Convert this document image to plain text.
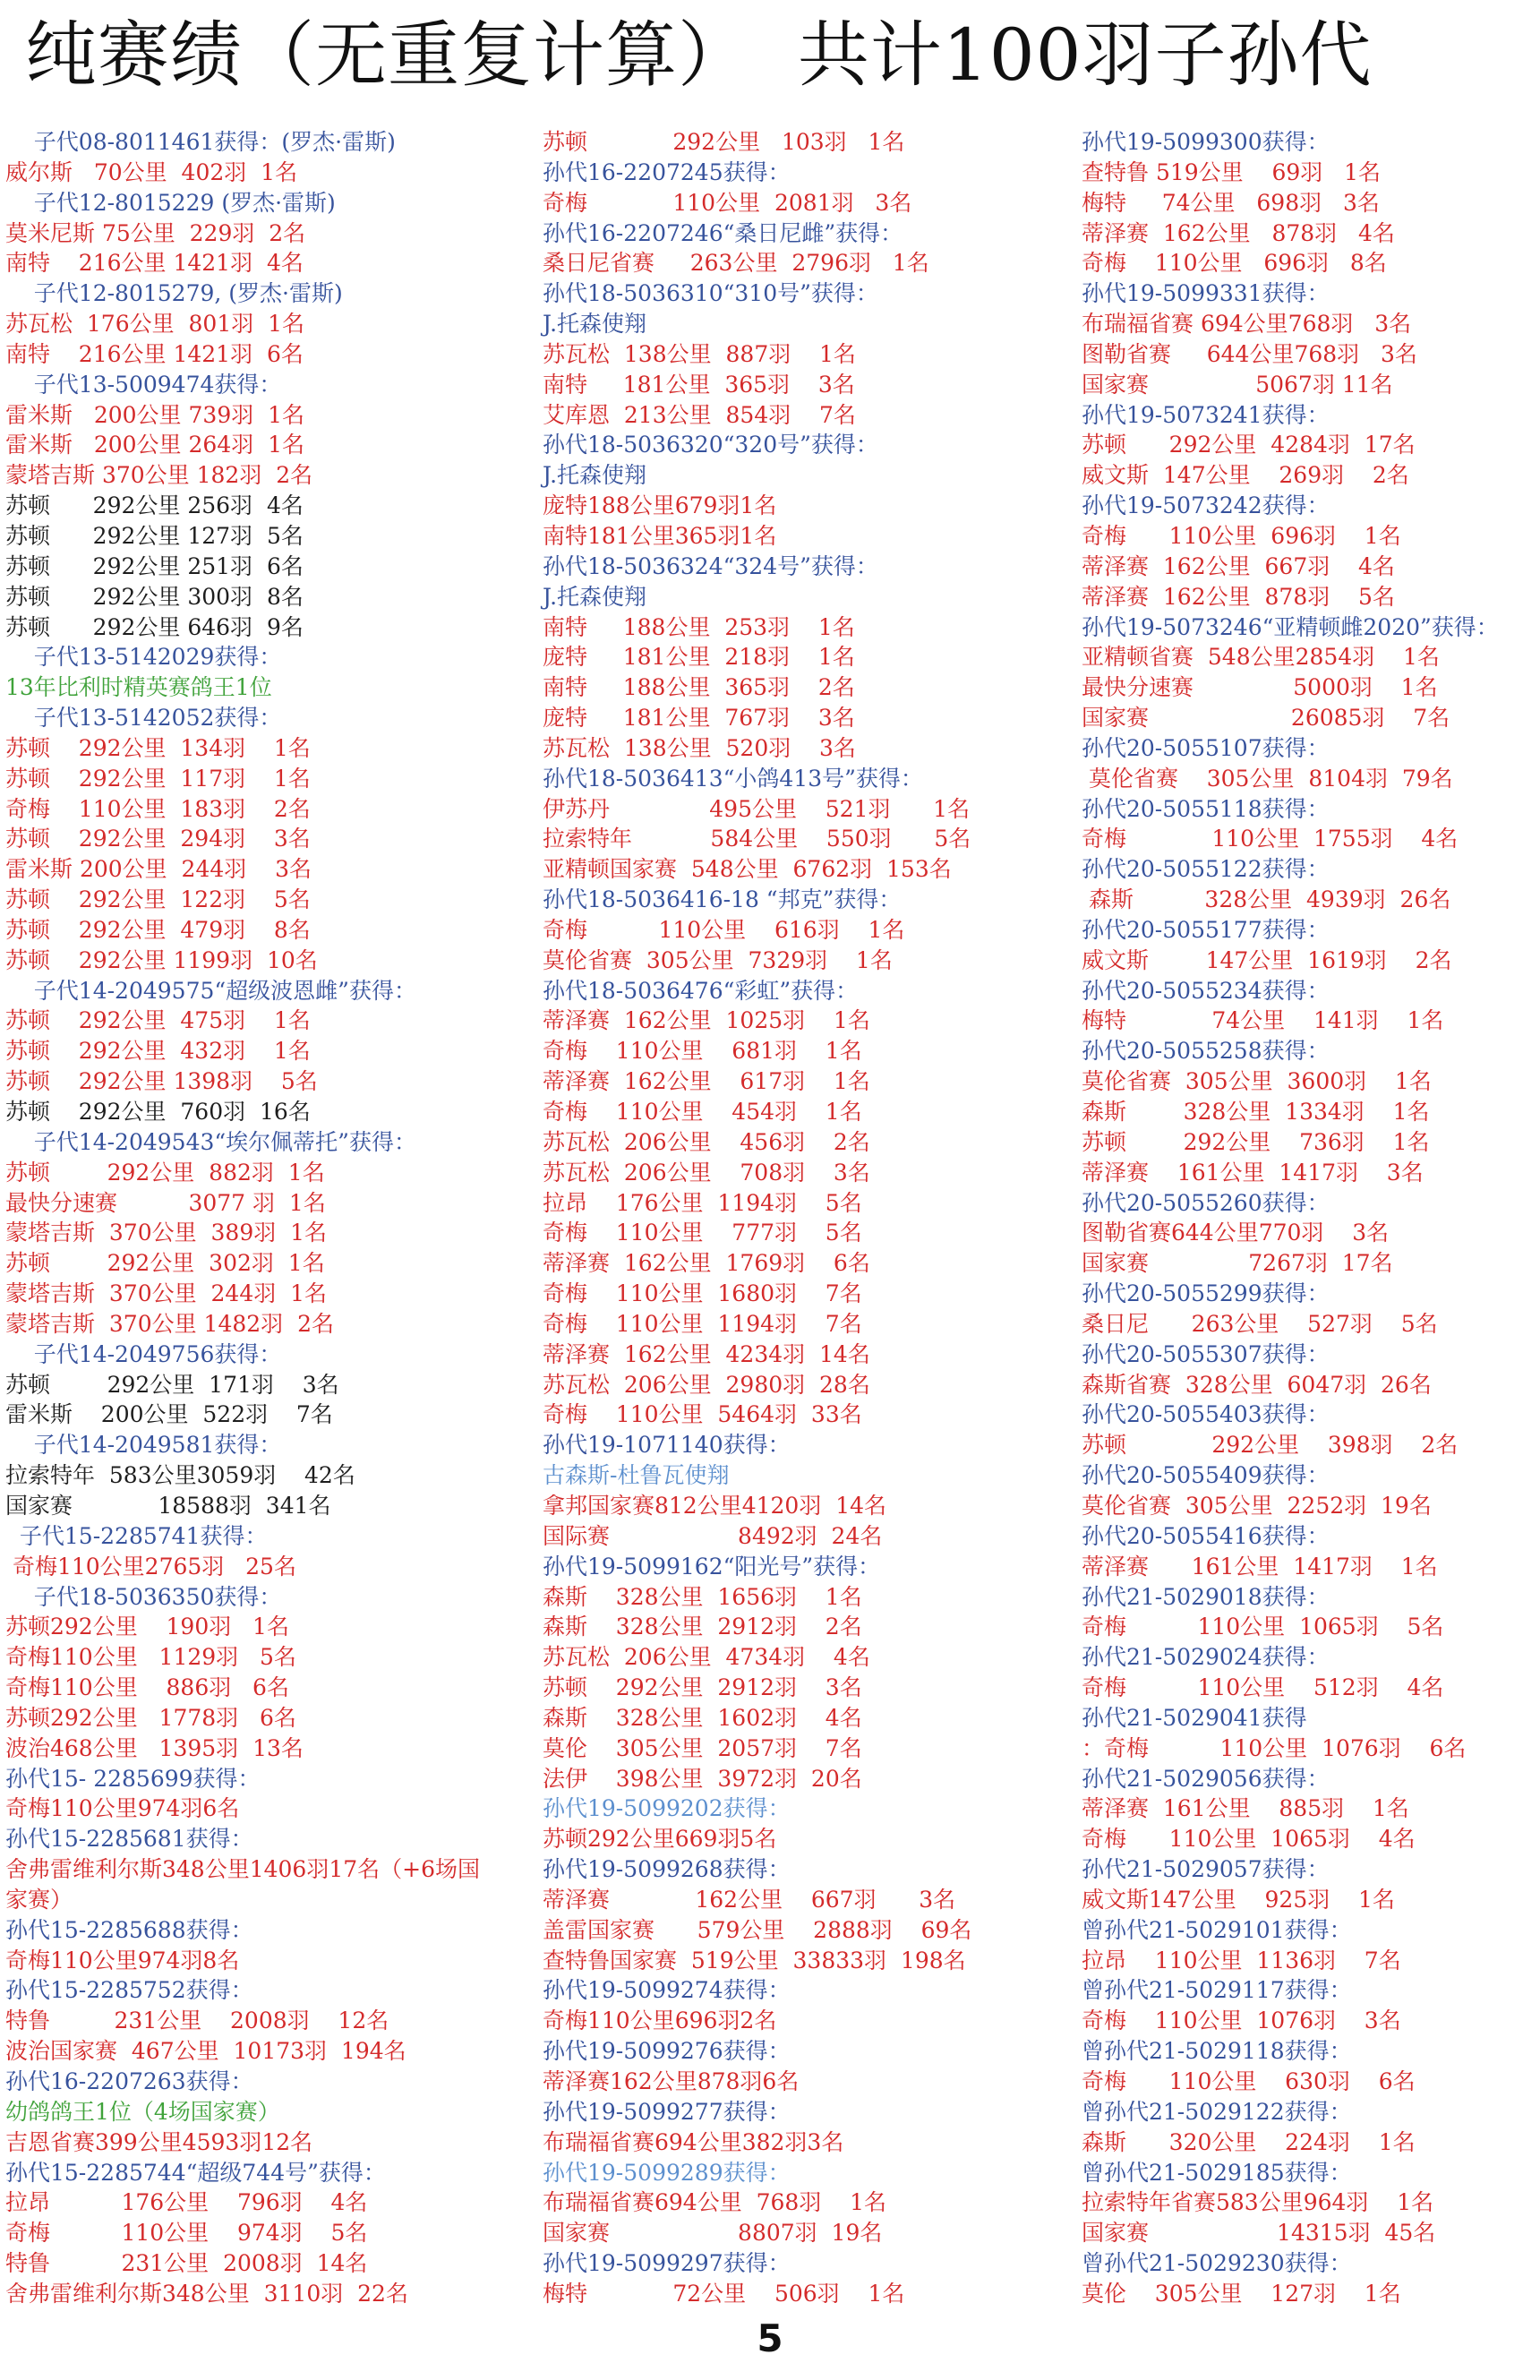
纯赛绩（无重复计算）  共计100羽子孙代
子代08-8011461获得：(罗杰·雷斯)
威尔斯   70公里  402羽  1名
子代12-8015229 (罗杰·雷斯)
莫米尼斯 75公里  229羽  2名
南特    216公里 1421羽  4名
子代12-8015279, (罗杰·雷斯)
苏瓦松  176公里  801羽  1名
南特    216公里 1421羽  6名
子代13-5009474获得：
雷米斯   200公里 739羽  1名
雷米斯   200公里 264羽  1名
蒙塔吉斯 370公里 182羽  2名
苏顿      292公里 256羽  4名
苏顿      292公里 127羽  5名
苏顿      292公里 251羽  6名
苏顿      292公里 300羽  8名
苏顿      292公里 646羽  9名
子代13-5142029获得：
13年比利时精英赛鸽王1位
子代13-5142052获得：
苏顿    292公里  134羽    1名
苏顿    292公里  117羽    1名
奇梅    110公里  183羽    2名
苏顿    292公里  294羽    3名
雷米斯 200公里  244羽    3名
苏顿    292公里  122羽    5名
苏顿    292公里  479羽    8名
苏顿    292公里 1199羽  10名
子代14-2049575“超级波恩雌”获得：
苏顿    292公里  475羽    1名
苏顿    292公里  432羽    1名
苏顿    292公里 1398羽    5名
苏顿    292公里  760羽  16名
子代14-2049543“埃尔佩蒂托”获得：
苏顿        292公里  882羽  1名
最快分速赛          3077 羽  1名
蒙塔吉斯  370公里  389羽  1名
苏顿        292公里  302羽  1名
蒙塔吉斯  370公里  244羽  1名
蒙塔吉斯  370公里 1482羽  2名
子代14-2049756获得：
苏顿        292公里  171羽    3名
雷米斯    200公里  522羽    7名
子代14-2049581获得：
拉索特年  583公里3059羽    42名
国家赛            18588羽  341名
子代15-2285741获得：
奇梅110公里2765羽   25名
子代18-5036350获得：
苏顿292公里    190羽   1名
奇梅110公里   1129羽   5名
奇梅110公里    886羽   6名
苏顿292公里   1778羽   6名
波治468公里   1395羽  13名
孙代15- 2285699获得：
奇梅110公里974羽6名
孙代15-2285681获得：
舍弗雷维利尔斯348公里1406羽17名（+6场国
家赛）
孙代15-2285688获得：
奇梅110公里974羽8名
孙代15-2285752获得：
特鲁         231公里    2008羽    12名
波治国家赛  467公里  10173羽  194名
孙代16-2207263获得：
幼鸽鸽王1位（4场国家赛）
吉恩省赛399公里4593羽12名
孙代15-2285744“超级744号”获得：
拉昂          176公里    796羽    4名
奇梅          110公里    974羽    5名
特鲁          231公里  2008羽  14名
舍弗雷维利尔斯348公里  3110羽  22名
苏顿            292公里   103羽   1名
孙代16-2207245获得：
奇梅            110公里  2081羽   3名
孙代16-2207246“桑日尼雌”获得：
桑日尼省赛     263公里  2796羽   1名
孙代18-5036310“310号”获得：
J.托森使翔
苏瓦松  138公里  887羽    1名
南特     181公里  365羽    3名
艾库恩  213公里  854羽    7名
孙代18-5036320“320号”获得：
J.托森使翔
庞特188公里679羽1名
南特181公里365羽1名
孙代18-5036324“324号”获得：
J.托森使翔
南特     188公里  253羽    1名
庞特     181公里  218羽    1名
南特     188公里  365羽    2名
庞特     181公里  767羽    3名
苏瓦松  138公里  520羽    3名
孙代18-5036413“小鸽413号”获得：
伊苏丹              495公里    521羽      1名
拉索特年           584公里    550羽      5名
亚精顿国家赛  548公里  6762羽  153名
孙代18-5036416-18 “邦克”获得：
奇梅          110公里    616羽    1名
莫伦省赛  305公里  7329羽    1名
孙代18-5036476“彩虹”获得：
蒂泽赛  162公里  1025羽    1名
奇梅    110公里    681羽    1名
蒂泽赛  162公里    617羽    1名
奇梅    110公里    454羽    1名
苏瓦松  206公里    456羽    2名
苏瓦松  206公里    708羽    3名
拉昂    176公里  1194羽    5名
奇梅    110公里    777羽    5名
蒂泽赛  162公里  1769羽    6名
奇梅    110公里  1680羽    7名
奇梅    110公里  1194羽    7名
蒂泽赛  162公里  4234羽  14名
苏瓦松  206公里  2980羽  28名
奇梅    110公里  5464羽  33名
孙代19-1071140获得：
古森斯-杜鲁瓦使翔
拿邦国家赛812公里4120羽  14名
国际赛                  8492羽  24名
孙代19-5099162“阳光号”获得：
森斯    328公里  1656羽    1名
森斯    328公里  2912羽    2名
苏瓦松  206公里  4734羽    4名
苏顿    292公里  2912羽    3名
森斯    328公里  1602羽    4名
莫伦    305公里  2057羽    7名
法伊    398公里  3972羽  20名
孙代19-5099202获得：
苏顿292公里669羽5名
孙代19-5099268获得：
蒂泽赛            162公里    667羽      3名
盖雷国家赛      579公里    2888羽    69名
查特鲁国家赛  519公里  33833羽  198名
孙代19-5099274获得：
奇梅110公里696羽2名
孙代19-5099276获得：
蒂泽赛162公里878羽6名
孙代19-5099277获得：
布瑞福省赛694公里382羽3名
孙代19-5099289获得：
布瑞福省赛694公里  768羽    1名
国家赛                  8807羽  19名
孙代19-5099297获得：
梅特            72公里    506羽    1名
孙代19-5099300获得：
查特鲁 519公里    69羽   1名
梅特     74公里   698羽   3名
蒂泽赛  162公里   878羽   4名
奇梅    110公里   696羽   8名
孙代19-5099331获得：
布瑞福省赛 694公里768羽   3名
图勒省赛     644公里768羽   3名
国家赛               5067羽 11名
孙代19-5073241获得：
苏顿      292公里  4284羽  17名
威文斯  147公里    269羽    2名
孙代19-5073242获得：
奇梅      110公里  696羽    1名
蒂泽赛  162公里  667羽    4名
蒂泽赛  162公里  878羽    5名
孙代19-5073246“亚精顿雌2020”获得：
亚精顿省赛  548公里2854羽    1名
最快分速赛              5000羽    1名
国家赛                    26085羽    7名
孙代20-5055107获得：
莫伦省赛    305公里  8104羽  79名
孙代20-5055118获得：
奇梅            110公里  1755羽    4名
孙代20-5055122获得：
森斯          328公里  4939羽  26名
孙代20-5055177获得：
威文斯        147公里  1619羽    2名
孙代20-5055234获得：
梅特            74公里    141羽    1名
孙代20-5055258获得：
莫伦省赛  305公里  3600羽    1名
森斯        328公里  1334羽    1名
苏顿        292公里    736羽    1名
蒂泽赛    161公里  1417羽    3名
孙代20-5055260获得：
图勒省赛644公里770羽    3名
国家赛              7267羽  17名
孙代20-5055299获得：
桑日尼      263公里    527羽    5名
孙代20-5055307获得：
森斯省赛  328公里  6047羽  26名
孙代20-5055403获得：
苏顿            292公里    398羽    2名
孙代20-5055409获得：
莫伦省赛  305公里  2252羽  19名
孙代20-5055416获得：
蒂泽赛      161公里  1417羽    1名
孙代21-5029018获得：
奇梅          110公里  1065羽    5名
孙代21-5029024获得：
奇梅          110公里    512羽    4名
孙代21-5029041获得
：奇梅          110公里  1076羽    6名
孙代21-5029056获得：
蒂泽赛  161公里    885羽    1名
奇梅      110公里  1065羽    4名
孙代21-5029057获得：
威文斯147公里    925羽    1名
曾孙代21-5029101获得：
拉昂    110公里  1136羽    7名
曾孙代21-5029117获得：
奇梅    110公里  1076羽    3名
曾孙代21-5029118获得：
奇梅      110公里    630羽    6名
曾孙代21-5029122获得：
森斯      320公里    224羽    1名
曾孙代21-5029185获得：
拉索特年省赛583公里964羽    1名
国家赛                  14315羽  45名
曾孙代21-5029230获得：
莫伦    305公里    127羽    1名
5
